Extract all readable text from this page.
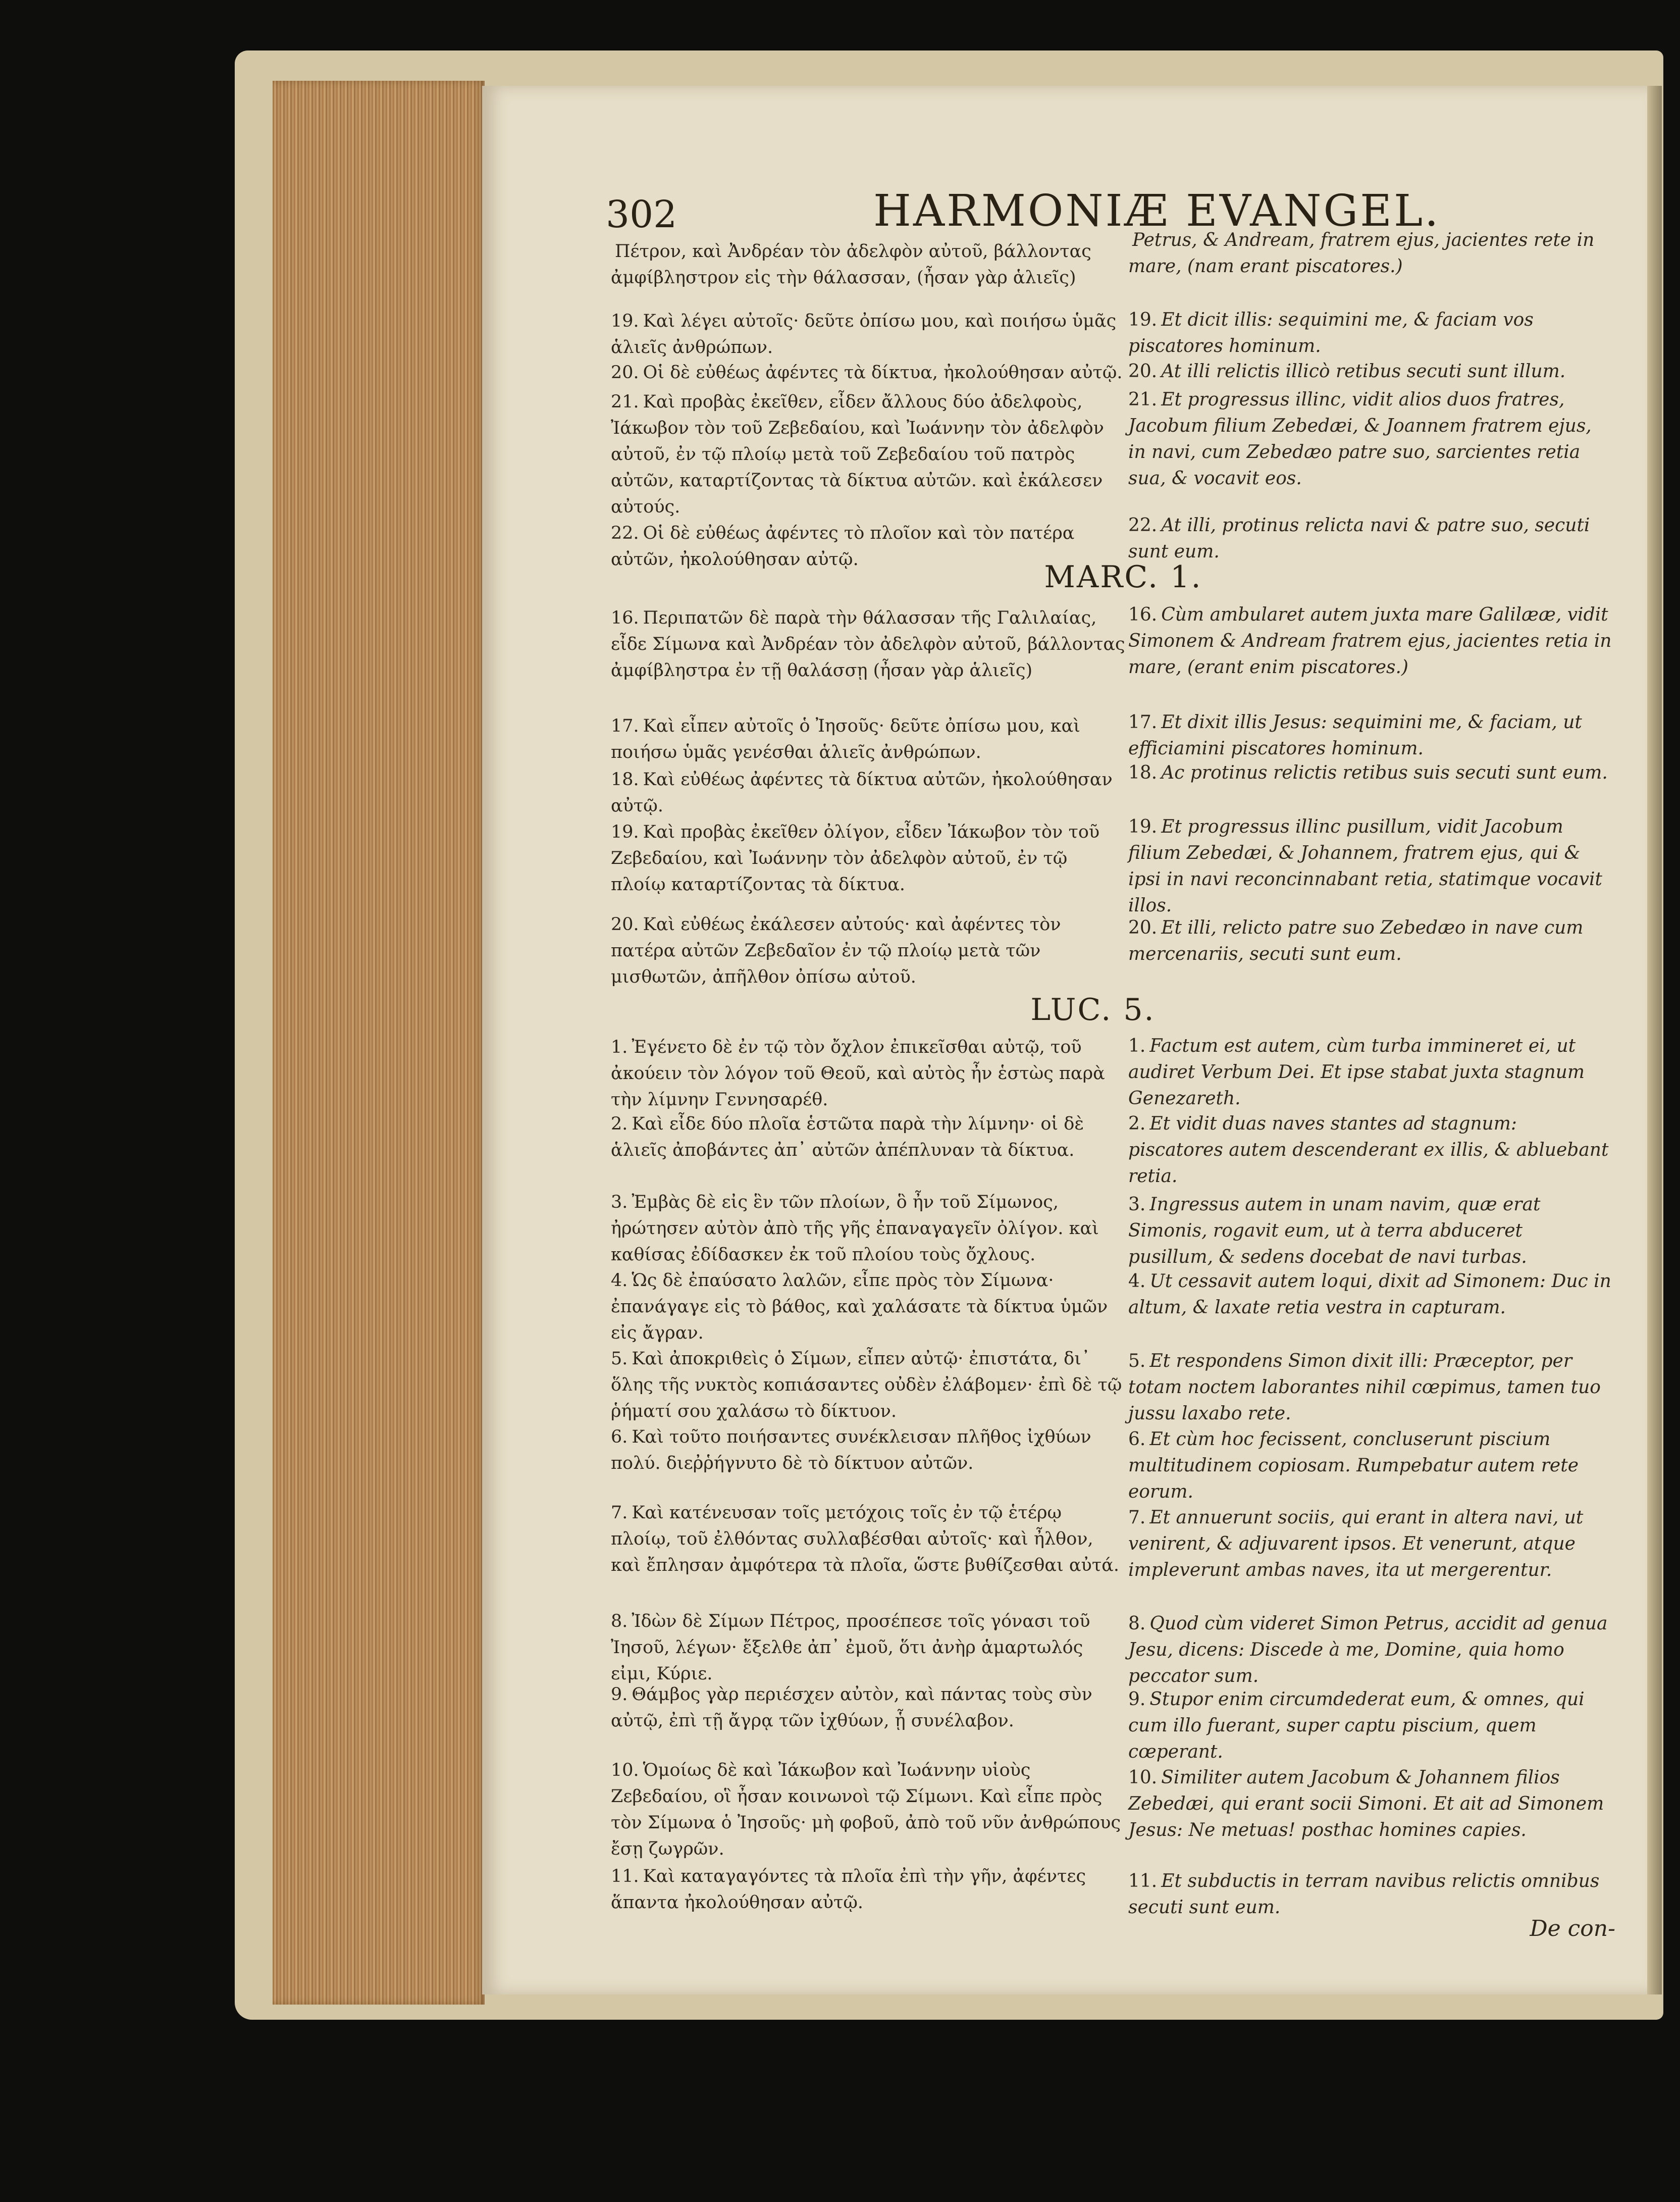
302	HARMONIÆ EVANGEL.
MARC. 1.
LUC. 5.
Πέτρον, καὶ Ἀνδρέαν τὸν ἀδελφὸν αὐτοῦ, βάλλοντας ἀμφίβληστρον εἰς τὴν θάλασσαν, (ἦσαν γὰρ ἁλιεῖς)
19. Καὶ λέγει αὐτοῖς· δεῦτε ὀπίσω μου, καὶ ποιήσω ὑμᾶς ἁλιεῖς ἀνθρώπων.
20. Οἱ δὲ εὐθέως ἀφέντες τὰ δίκτυα, ἠκολούθησαν αὐτῷ.
21. Καὶ προβὰς ἐκεῖθεν, εἶδεν ἄλλους δύο ἀδελφοὺς, Ἰάκωβον τὸν τοῦ Ζεβεδαίου, καὶ Ἰωάννην τὸν ἀδελφὸν αὐτοῦ, ἐν τῷ πλοίῳ μετὰ τοῦ Ζεβεδαίου τοῦ πατρὸς αὐτῶν, καταρτίζοντας τὰ δίκτυα αὐτῶν. καὶ ἐκάλεσεν αὐτούς.
22. Οἱ δὲ εὐθέως ἀφέντες τὸ πλοῖον καὶ τὸν πατέρα αὐτῶν, ἠκολούθησαν αὐτῷ.
16. Περιπατῶν δὲ παρὰ τὴν θάλασσαν τῆς Γαλιλαίας, εἶδε Σίμωνα καὶ Ἀνδρέαν τὸν ἀδελφὸν αὐτοῦ, βάλλοντας ἀμφίβληστρα ἐν τῇ θαλάσσῃ (ἦσαν γὰρ ἁλιεῖς)
17. Καὶ εἶπεν αὐτοῖς ὁ Ἰησοῦς· δεῦτε ὀπίσω μου, καὶ ποιήσω ὑμᾶς γενέσθαι ἁλιεῖς ἀνθρώπων.
18. Καὶ εὐθέως ἀφέντες τὰ δίκτυα αὐτῶν, ἠκολούθησαν αὐτῷ.
19. Καὶ προβὰς ἐκεῖθεν ὀλίγον, εἶδεν Ἰάκωβον τὸν τοῦ Ζεβεδαίου, καὶ Ἰωάννην τὸν ἀδελφὸν αὐτοῦ, ἐν τῷ πλοίῳ καταρτίζοντας τὰ δίκτυα.
20. Καὶ εὐθέως ἐκάλεσεν αὐτούς· καὶ ἀφέντες τὸν πατέρα αὐτῶν Ζεβεδαῖον ἐν τῷ πλοίῳ μετὰ τῶν μισθωτῶν, ἀπῆλθον ὀπίσω αὐτοῦ.
1. Ἐγένετο δὲ ἐν τῷ τὸν ὄχλον ἐπικεῖσθαι αὐτῷ, τοῦ ἀκούειν τὸν λόγον τοῦ Θεοῦ, καὶ αὐτὸς ἦν ἑστὼς παρὰ τὴν λίμνην Γεννησαρέθ.
2. Καὶ εἶδε δύο πλοῖα ἑστῶτα παρὰ τὴν λίμνην· οἱ δὲ ἁλιεῖς ἀποβάντες ἀπ᾽ αὐτῶν ἀπέπλυναν τὰ δίκτυα.
3. Ἐμβὰς δὲ εἰς ἓν τῶν πλοίων, ὃ ἦν τοῦ Σίμωνος, ἠρώτησεν αὐτὸν ἀπὸ τῆς γῆς ἐπαναγαγεῖν ὀλίγον. καὶ καθίσας ἐδίδασκεν ἐκ τοῦ πλοίου τοὺς ὄχλους.
4. Ὡς δὲ ἐπαύσατο λαλῶν, εἶπε πρὸς τὸν Σίμωνα· ἐπανάγαγε εἰς τὸ βάθος, καὶ χαλάσατε τὰ δίκτυα ὑμῶν εἰς ἄγραν.
5. Καὶ ἀποκριθεὶς ὁ Σίμων, εἶπεν αὐτῷ· ἐπιστάτα, δι᾽ ὅλης τῆς νυκτὸς κοπιάσαντες οὐδὲν ἐλάβομεν· ἐπὶ δὲ τῷ ῥήματί σου χαλάσω τὸ δίκτυον.
6. Καὶ τοῦτο ποιήσαντες συνέκλεισαν πλῆθος ἰχθύων πολύ. διεῤῥήγνυτο δὲ τὸ δίκτυον αὐτῶν.
7. Καὶ κατένευσαν τοῖς μετόχοις τοῖς ἐν τῷ ἑτέρῳ πλοίῳ, τοῦ ἐλθόντας συλλαβέσθαι αὐτοῖς· καὶ ἦλθον, καὶ ἔπλησαν ἀμφότερα τὰ πλοῖα, ὥστε βυθίζεσθαι αὐτά.
8. Ἰδὼν δὲ Σίμων Πέτρος, προσέπεσε τοῖς γόνασι τοῦ Ἰησοῦ, λέγων· ἔξελθε ἀπ᾽ ἐμοῦ, ὅτι ἀνὴρ ἁμαρτωλός εἰμι, Κύριε.
9. Θάμβος γὰρ περιέσχεν αὐτὸν, καὶ πάντας τοὺς σὺν αὐτῷ, ἐπὶ τῇ ἄγρᾳ τῶν ἰχθύων, ᾗ συνέλαβον.
10. Ὁμοίως δὲ καὶ Ἰάκωβον καὶ Ἰωάννην υἱοὺς Ζεβεδαίου, οἳ ἦσαν κοινωνοὶ τῷ Σίμωνι. Καὶ εἶπε πρὸς τὸν Σίμωνα ὁ Ἰησοῦς· μὴ φοβοῦ, ἀπὸ τοῦ νῦν ἀνθρώπους ἔσῃ ζωγρῶν.
11. Καὶ καταγαγόντες τὰ πλοῖα ἐπὶ τὴν γῆν, ἀφέντες ἅπαντα ἠκολούθησαν αὐτῷ.
Petrus, & Andream, fratrem ejus, jacientes rete in mare, (nam erant piscatores.)
19. Et dicit illis: sequimini me, & faciam vos piscatores hominum.
20. At illi relictis illicò retibus secuti sunt illum.
21. Et progressus illinc, vidit alios duos fratres, Jacobum filium Zebedæi, & Joannem fratrem ejus, in navi, cum Zebedæo patre suo, sarcientes retia sua, & vocavit eos.
22. At illi, protinus relicta navi & patre suo, secuti sunt eum.
16. Cùm ambularet autem juxta mare Galilææ, vidit Simonem & Andream fratrem ejus, jacientes retia in mare, (erant enim piscatores.)
17. Et dixit illis Jesus: sequimini me, & faciam, ut efficiamini piscatores hominum.
18. Ac protinus relictis retibus suis secuti sunt eum.
19. Et progressus illinc pusillum, vidit Jacobum filium Zebedæi, & Johannem, fratrem ejus, qui & ipsi in navi reconcinnabant retia, statimque vocavit illos.
20. Et illi, relicto patre suo Zebedæo in nave cum mercenariis, secuti sunt eum.
1. Factum est autem, cùm turba immineret ei, ut audiret Verbum Dei. Et ipse stabat juxta stagnum Genezareth.
2. Et vidit duas naves stantes ad stagnum: piscatores autem descenderant ex illis, & abluebant retia.
3. Ingressus autem in unam navim, quæ erat Simonis, rogavit eum, ut à terra abduceret pusillum, & sedens docebat de navi turbas.
4. Ut cessavit autem loqui, dixit ad Simonem: Duc in altum, & laxate retia vestra in capturam.
5. Et respondens Simon dixit illi: Præceptor, per totam noctem laborantes nihil cœpimus, tamen tuo jussu laxabo rete.
6. Et cùm hoc fecissent, concluserunt piscium multitudinem copiosam. Rumpebatur autem rete eorum.
7. Et annuerunt sociis, qui erant in altera navi, ut venirent, & adjuvarent ipsos. Et venerunt, atque impleverunt ambas naves, ita ut mergerentur.
8. Quod cùm videret Simon Petrus, accidit ad genua Jesu, dicens: Discede à me, Domine, quia homo peccator sum.
9. Stupor enim circumdederat eum, & omnes, qui cum illo fuerant, super captu piscium, quem cœperant.
10. Similiter autem Jacobum & Johannem filios Zebedæi, qui erant socii Simoni. Et ait ad Simonem Jesus: Ne metuas! posthac homines capies.
11. Et subductis in terram navibus relictis omnibus secuti sunt eum.
De con-
